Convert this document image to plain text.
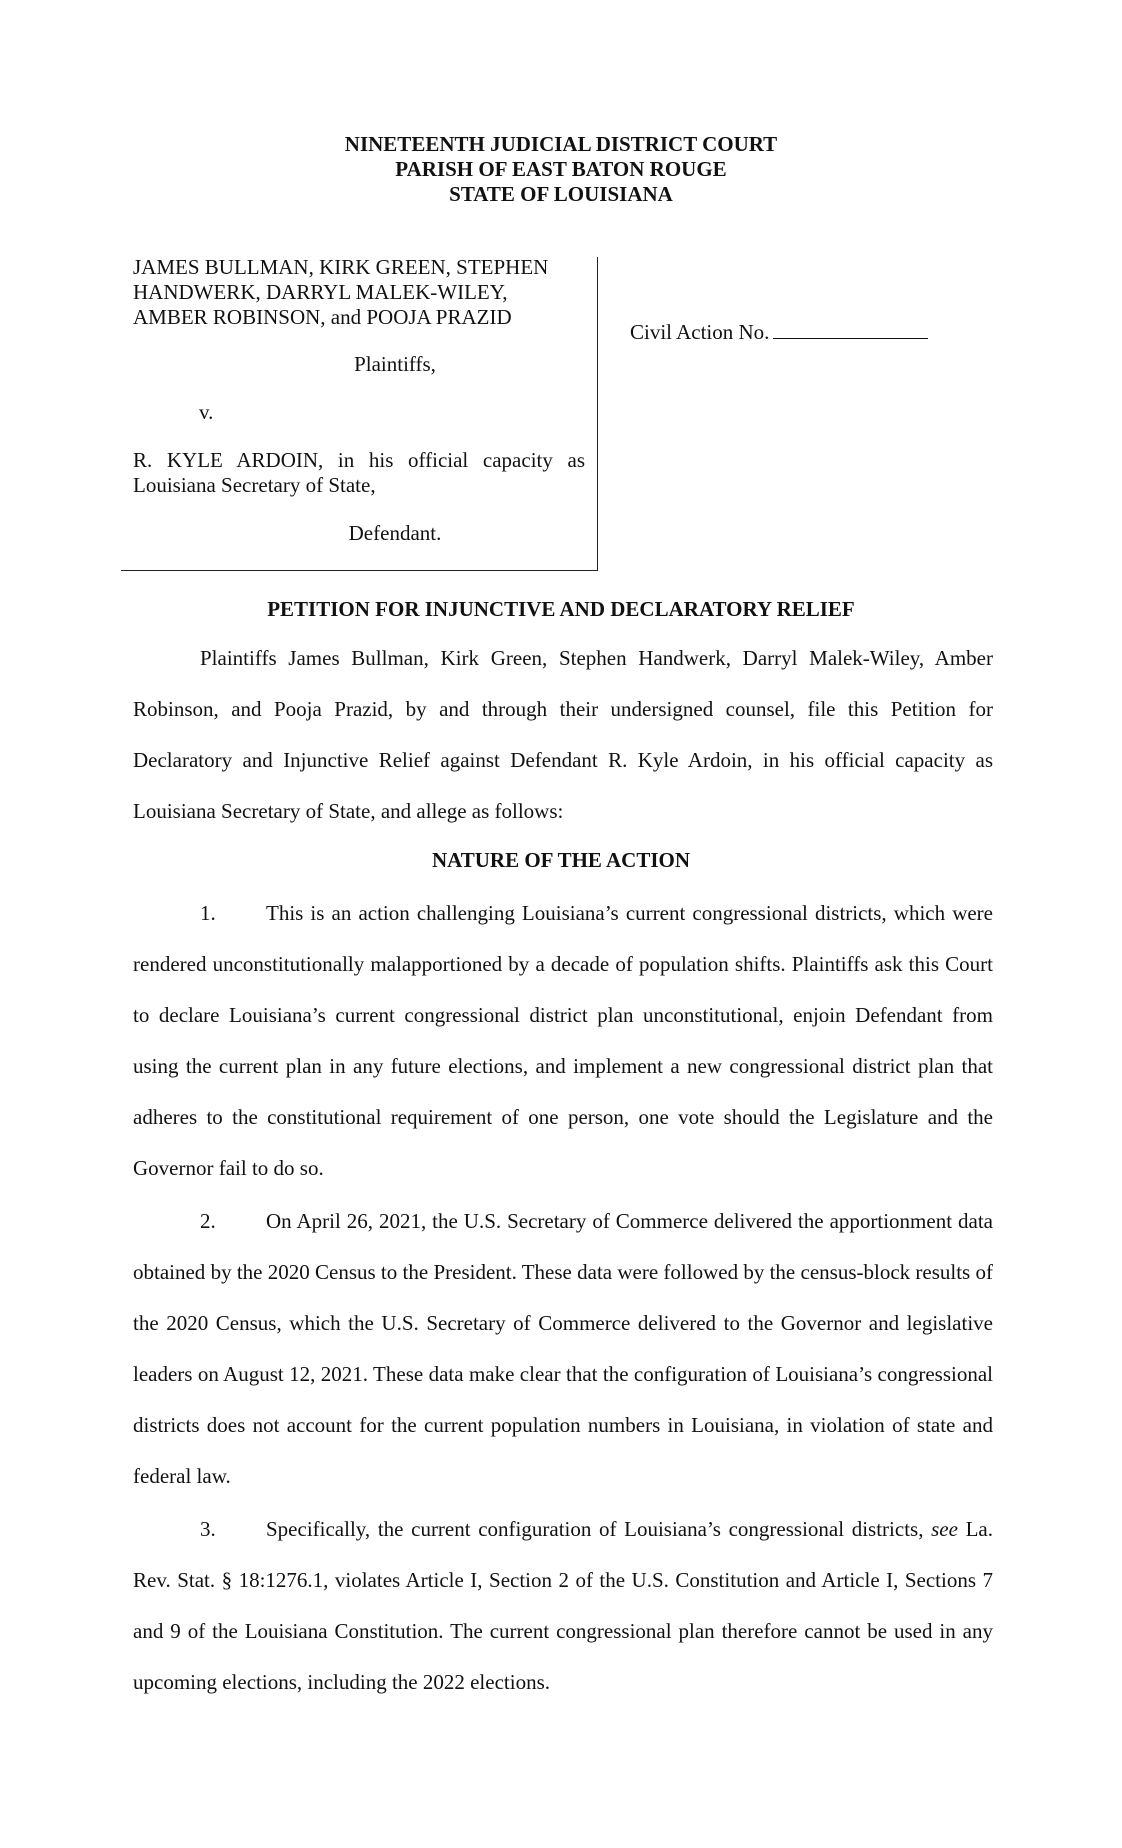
NINETEENTH JUDICIAL DISTRICT COURT
PARISH OF EAST BATON ROUGE
STATE OF LOUISIANA
JAMES BULLMAN, KIRK GREEN, STEPHEN
HANDWERK, DARRYL MALEK-WILEY,
AMBER ROBINSON, and POOJA PRAZID
Plaintiffs,
v.
R. KYLE ARDOIN, in his official capacity as Louisiana Secretary of State,
Defendant.
Civil Action No.
PETITION FOR INJUNCTIVE AND DECLARATORY RELIEF

Plaintiffs James Bullman, Kirk Green, Stephen Handwerk, Darryl Malek-Wiley, Amber Robinson, and Pooja Prazid, by and through their undersigned counsel, file this Petition for Declaratory and Injunctive Relief against Defendant R. Kyle Ardoin, in his official capacity as Louisiana Secretary of State, and allege as follows:

NATURE OF THE ACTION

1. This is an action challenging Louisiana’s current congressional districts, which were rendered unconstitutionally malapportioned by a decade of population shifts. Plaintiffs ask this Court to declare Louisiana’s current congressional district plan unconstitutional, enjoin Defendant from using the current plan in any future elections, and implement a new congressional district plan that adheres to the constitutional requirement of one person, one vote should the Legislature and the Governor fail to do so.

2. On April 26, 2021, the U.S. Secretary of Commerce delivered the apportionment data obtained by the 2020 Census to the President. These data were followed by the census-block results of the 2020 Census, which the U.S. Secretary of Commerce delivered to the Governor and legislative leaders on August 12, 2021. These data make clear that the configuration of Louisiana’s congressional districts does not account for the current population numbers in Louisiana, in violation of state and federal law.

3. Specifically, the current configuration of Louisiana’s congressional districts, see La. Rev. Stat. § 18:1276.1, violates Article I, Section 2 of the U.S. Constitution and Article I, Sections 7 and 9 of the Louisiana Constitution. The current congressional plan therefore cannot be used in any upcoming elections, including the 2022 elections.
